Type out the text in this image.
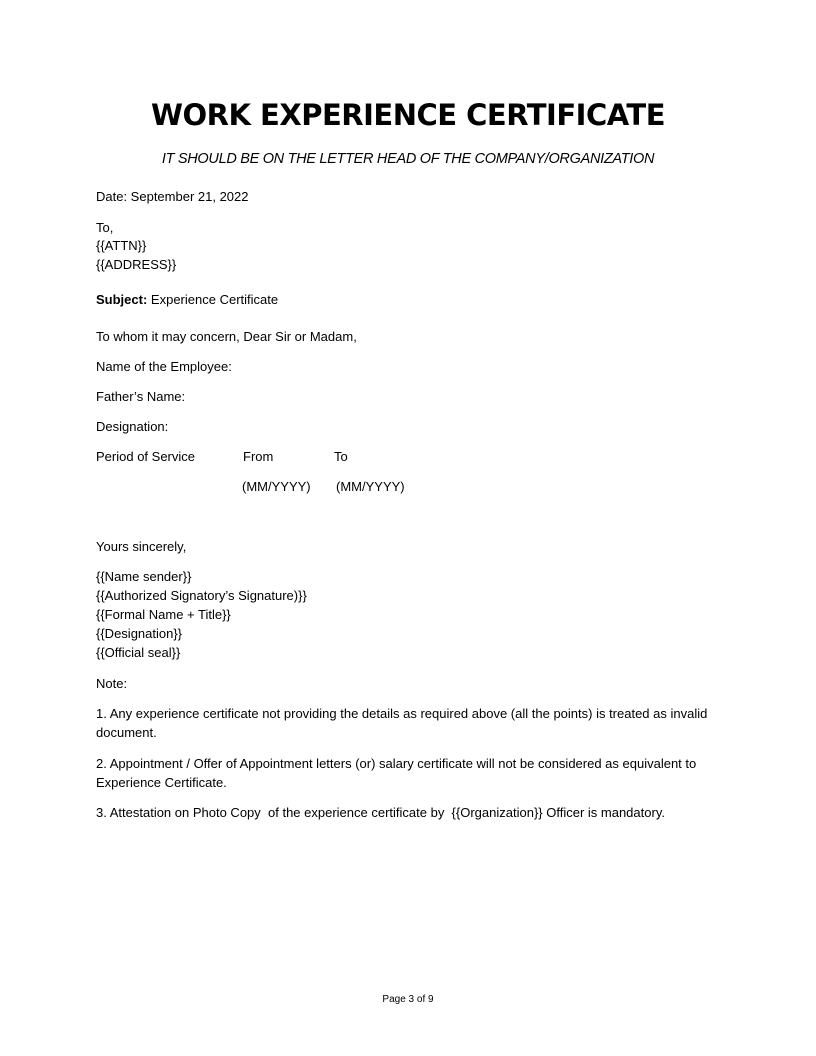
WORK EXPERIENCE CERTIFICATE
IT SHOULD BE ON THE LETTER HEAD OF THE COMPANY/ORGANIZATION
Date: September 21, 2022
To,
{{ATTN}}
{{ADDRESS}}
Subject: Experience Certificate
To whom it may concern, Dear Sir or Madam,
Name of the Employee:
Father’s Name:
Designation:
Period of Service	From	To
(MM/YYYY) (MM/YYYY)
Yours sincerely,
{{Name sender}}
{{Authorized Signatory’s Signature)}}
{{Formal Name + Title}}
{{Designation}}
{{Official seal}}
Note:
1. Any experience certificate not providing the details as required above (all the points) is treated as invalid document.
2. Appointment / Offer of Appointment letters (or) salary certificate will not be considered as equivalent to Experience Certificate.
3. Attestation on Photo Copy  of the experience certificate by  {{Organization}} Officer is mandatory.
Page 3 of 9
